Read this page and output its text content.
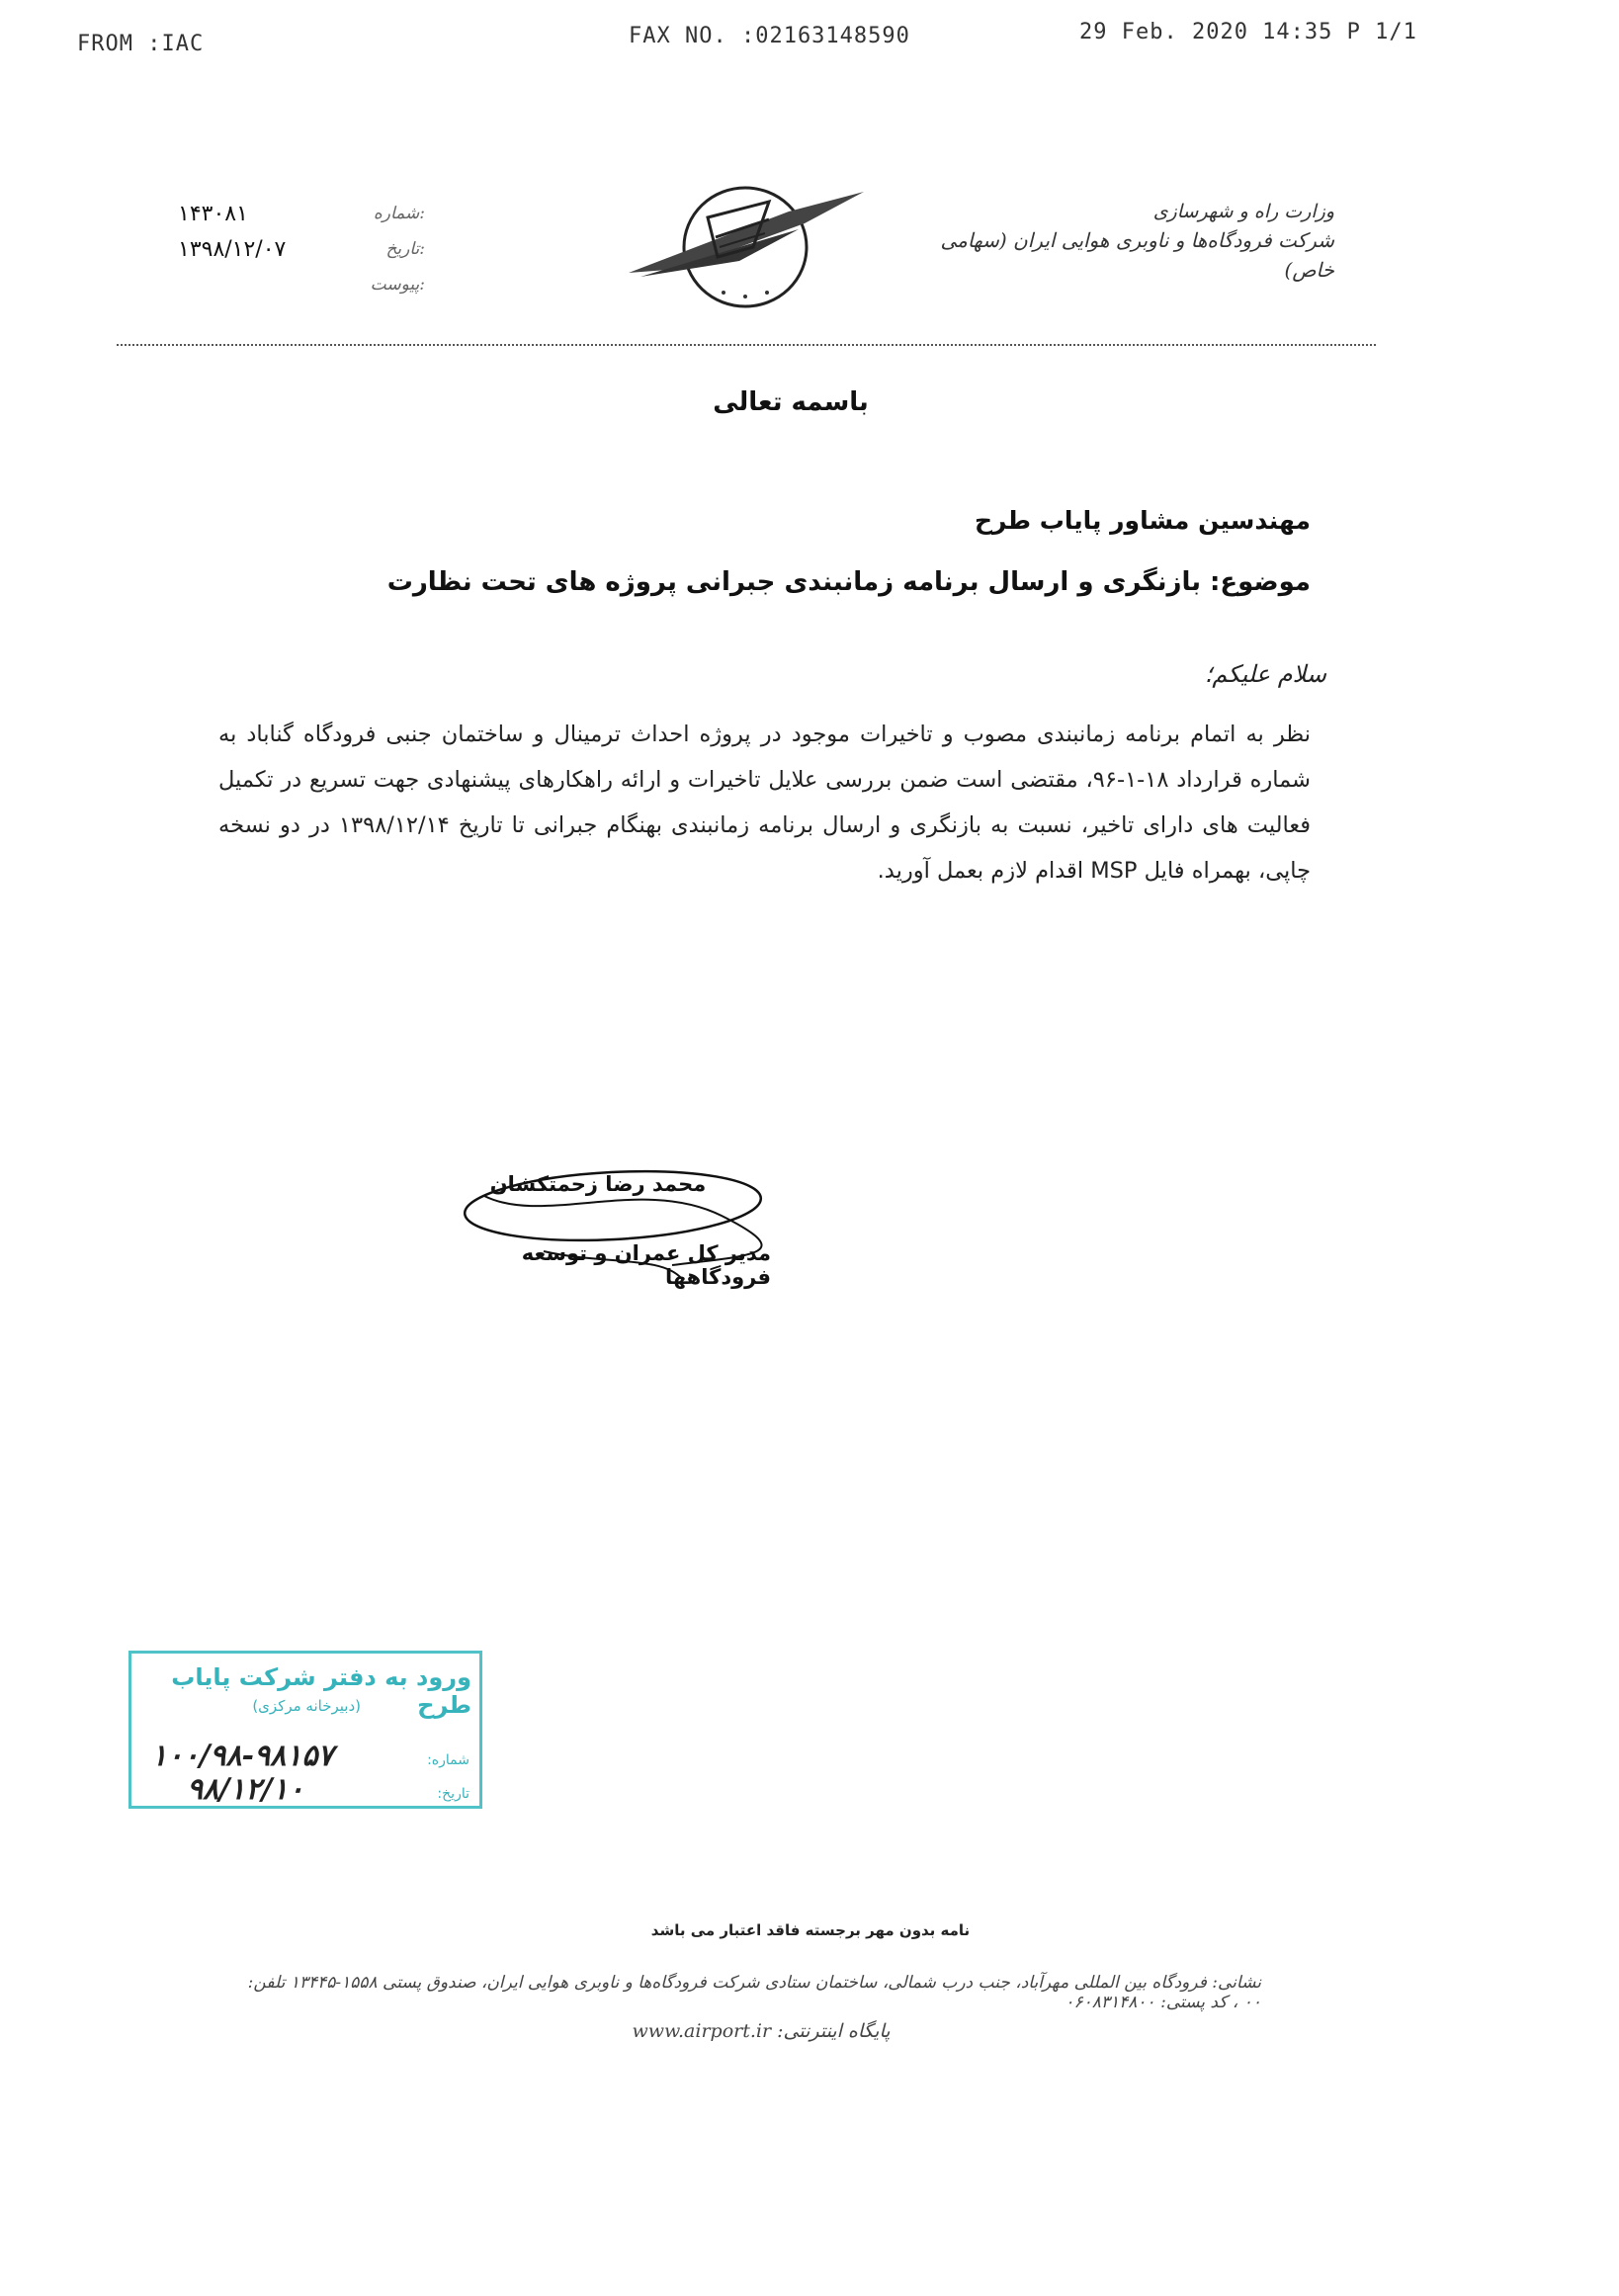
FROM :IAC	FAX NO. :02163148590	29 Feb. 2020 14:35 P 1/1
وزارت راه و شهرسازی
شرکت فرودگاه‌ها و ناوبری هوایی ایران (سهامی خاص)
۱۴۳۰۸۱	شماره:
۱۳۹۸/۱۲/۰۷	تاریخ:
پیوست:
باسمه تعالی
مهندسین مشاور پایاب طرح
موضوع: بازنگری و ارسال برنامه زمانبندی جبرانی پروژه های تحت نظارت
سلام علیکم؛
نظر به اتمام برنامه زمانبندی مصوب و تاخیرات موجود در پروژه احداث ترمینال و ساختمان جنبی فرودگاه گناباد به شماره قرارداد ۱۸-۱-۹۶، مقتضی است ضمن بررسی علایل تاخیرات و ارائه راهکارهای پیشنهادی جهت تسریع در تکمیل فعالیت های دارای تاخیر، نسبت به بازنگری و ارسال برنامه زمانبندی بهنگام جبرانی تا تاریخ ۱۳۹۸/۱۲/۱۴ در دو نسخه چاپی، بهمراه فایل MSP اقدام لازم بعمل آورید.
محمد رضا زحمتکشان
مدیر کل عمران و توسعه فرودگاهها
ورود به دفتر شرکت پایاب طرح
(دبیرخانه مرکزی)
شماره:
۱۰۰/۹۸-۹۸۱۵۷
تاریخ:
۹۸/۱۲/۱۰
نامه بدون مهر برجسته فاقد اعتبار می باشد
نشانی: فرودگاه بین المللی مهرآباد، جنب درب شمالی، ساختمان ستادی شرکت فرودگاه‌ها و ناوبری هوایی ایران، صندوق پستی ۱۵۵۸-۱۳۴۴۵ تلفن: ۰۰ ، کد پستی: ۰۶۰۸۳۱۴۸۰۰
پایگاه اینترنتی: www.airport.ir
